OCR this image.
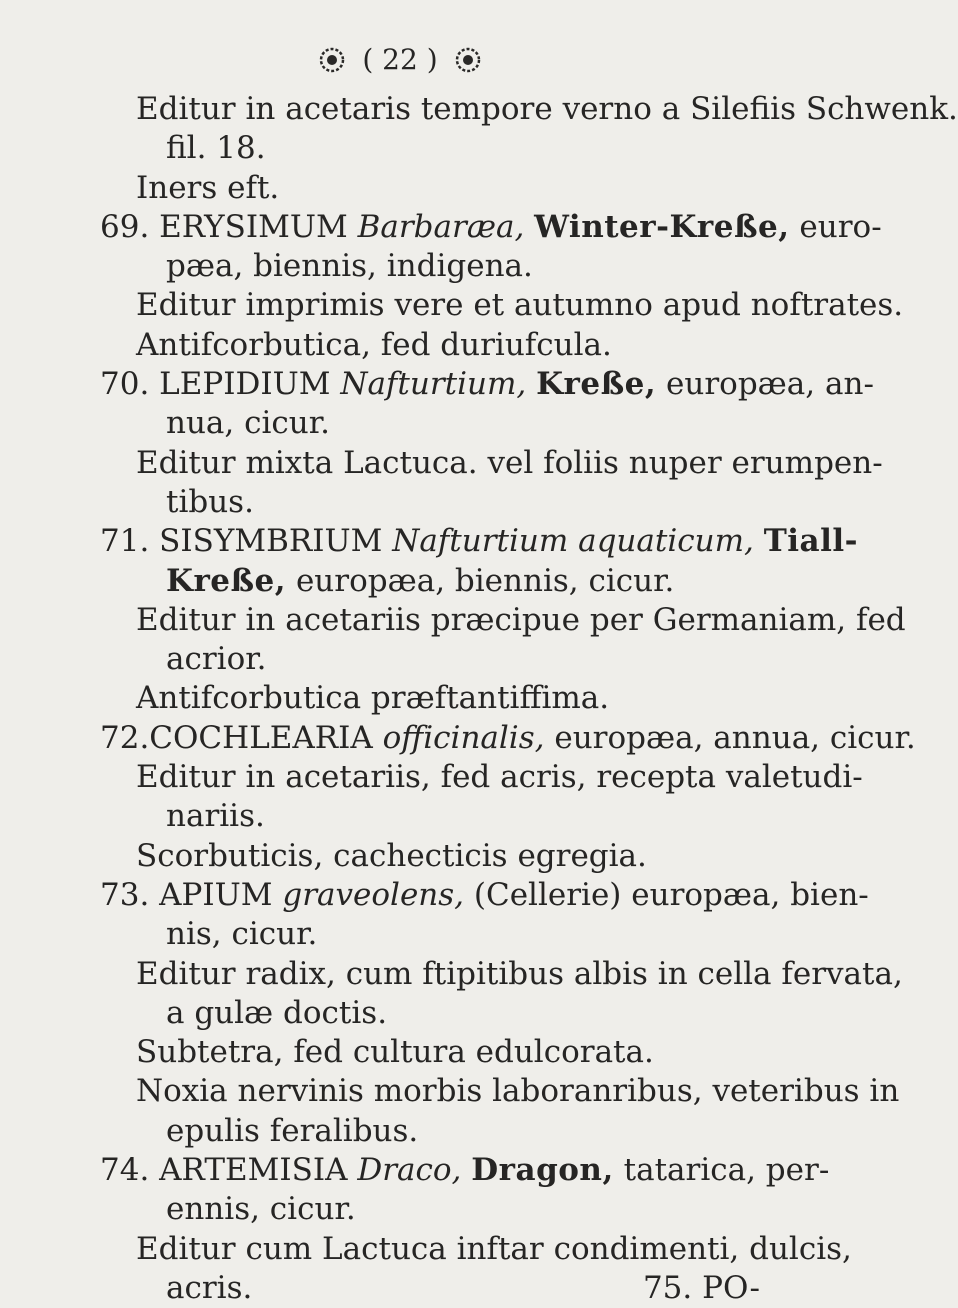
( 22 )
Editur in acetaris tempore verno a Silefiis Schwenk.
fil. 18.
Iners eft.
69. ERYSIMUM Barbaræa, Winter-Kreße, euro-
pæa, biennis, indigena.
Editur imprimis vere et autumno apud noftrates.
Antifcorbutica, fed duriufcula.
70. LEPIDIUM Nafturtium, Kreße, europæa, an-
nua, cicur.
Editur mixta Lactuca. vel foliis nuper erumpen-
tibus.
71. SISYMBRIUM Nafturtium aquaticum, Tiall-
Kreße, europæa, biennis, cicur.
Editur in acetariis præcipue per Germaniam, fed
acrior.
Antifcorbutica præftantiffima.
72.COCHLEARIA officinalis, europæa, annua, cicur.
Editur in acetariis, fed acris, recepta valetudi-
nariis.
Scorbuticis, cachecticis egregia.
73. APIUM graveolens, (Cellerie) europæa, bien-
nis, cicur.
Editur radix, cum ftipitibus albis in cella fervata,
a gulæ doctis.
Subtetra, fed cultura edulcorata.
Noxia nervinis morbis laboranribus, veteribus in
epulis feralibus.
74. ARTEMISIA Draco, Dragon, tatarica, per-
ennis, cicur.
Editur cum Lactuca inftar condimenti, dulcis,
acris.	75. PO-
